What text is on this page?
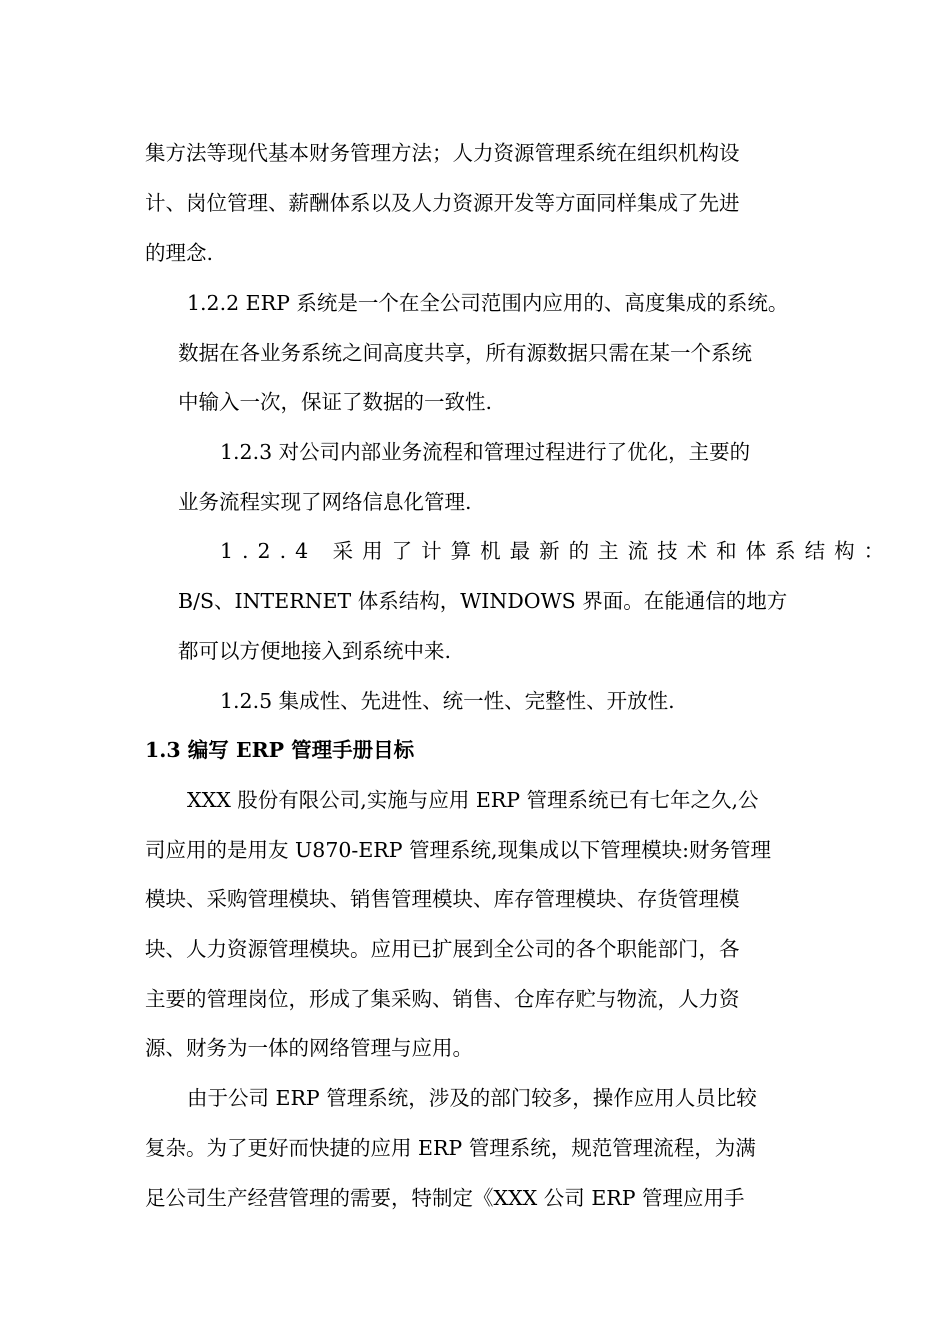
集方法等现代基本财务管理方法；人力资源管理系统在组织机构设

计、岗位管理、薪酬体系以及人力资源开发等方面同样集成了先进

的理念.

1.2.2 ERP 系统是一个在全公司范围内应用的、高度集成的系统。

数据在各业务系统之间高度共享，所有源数据只需在某一个系统

中输入一次，保证了数据的一致性.

1.2.3 对公司内部业务流程和管理过程进行了优化，主要的

业务流程实现了网络信息化管理.

1.2.4 采用了计算机最新的主流技术和体系结构：

B/S、INTERNET 体系结构，WINDOWS 界面。在能通信的地方

都可以方便地接入到系统中来.

1.2.5 集成性、先进性、统一性、完整性、开放性.

1.3 编写 ERP 管理手册目标

XXX 股份有限公司,实施与应用 ERP 管理系统已有七年之久,公

司应用的是用友 U870-ERP 管理系统,现集成以下管理模块:财务管理

模块、采购管理模块、销售管理模块、库存管理模块、存货管理模

块、人力资源管理模块。应用已扩展到全公司的各个职能部门，各

主要的管理岗位，形成了集采购、销售、仓库存贮与物流，人力资

源、财务为一体的网络管理与应用。

由于公司 ERP 管理系统，涉及的部门较多，操作应用人员比较

复杂。为了更好而快捷的应用 ERP 管理系统，规范管理流程，为满

足公司生产经营管理的需要，特制定《XXX 公司 ERP 管理应用手
